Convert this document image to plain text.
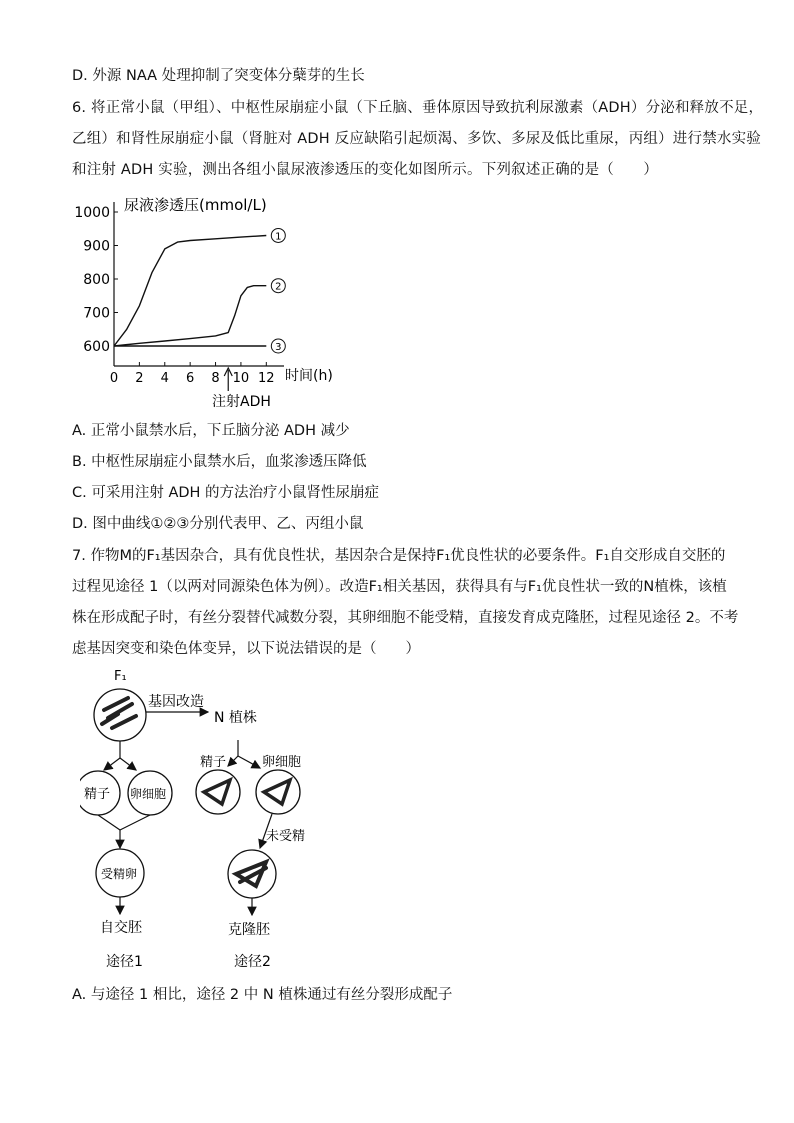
D. 外源 NAA 处理抑制了突变体分蘖芽的生长
6. 将正常小鼠（甲组）、中枢性尿崩症小鼠（下丘脑、垂体原因导致抗利尿激素（ADH）分泌和释放不足，
乙组）和肾性尿崩症小鼠（肾脏对 ADH 反应缺陷引起烦渴、多饮、多尿及低比重尿，丙组）进行禁水实验
和注射 ADH 实验，测出各组小鼠尿液渗透压的变化如图所示。下列叙述正确的是（　　）
1000
900
800
700
600
0 2 4 6 8 10 12
1
2
3
尿液渗透压(mmol/L)
时间(h)
注射ADH
A. 正常小鼠禁水后，下丘脑分泌 ADH 减少
B. 中枢性尿崩症小鼠禁水后，血浆渗透压降低
C. 可采用注射 ADH 的方法治疗小鼠肾性尿崩症
D. 图中曲线①②③分别代表甲、乙、丙组小鼠
7. 作物M的F₁基因杂合，具有优良性状，基因杂合是保持F₁优良性状的必要条件。F₁自交形成自交胚的
过程见途径 1（以两对同源染色体为例）。改造F₁相关基因，获得具有与F₁优良性状一致的N植株，该植
株在形成配子时，有丝分裂替代减数分裂，其卵细胞不能受精，直接发育成克隆胚，过程见途径 2。不考
虑基因突变和染色体变异，以下说法错误的是（　　）
F₁
基因改造
N 植株
精子 卵细胞
受精卵
自交胚
途径1
精子	卵细胞
未受精
克隆胚
途径2
A. 与途径 1 相比，途径 2 中 N 植株通过有丝分裂形成配子
